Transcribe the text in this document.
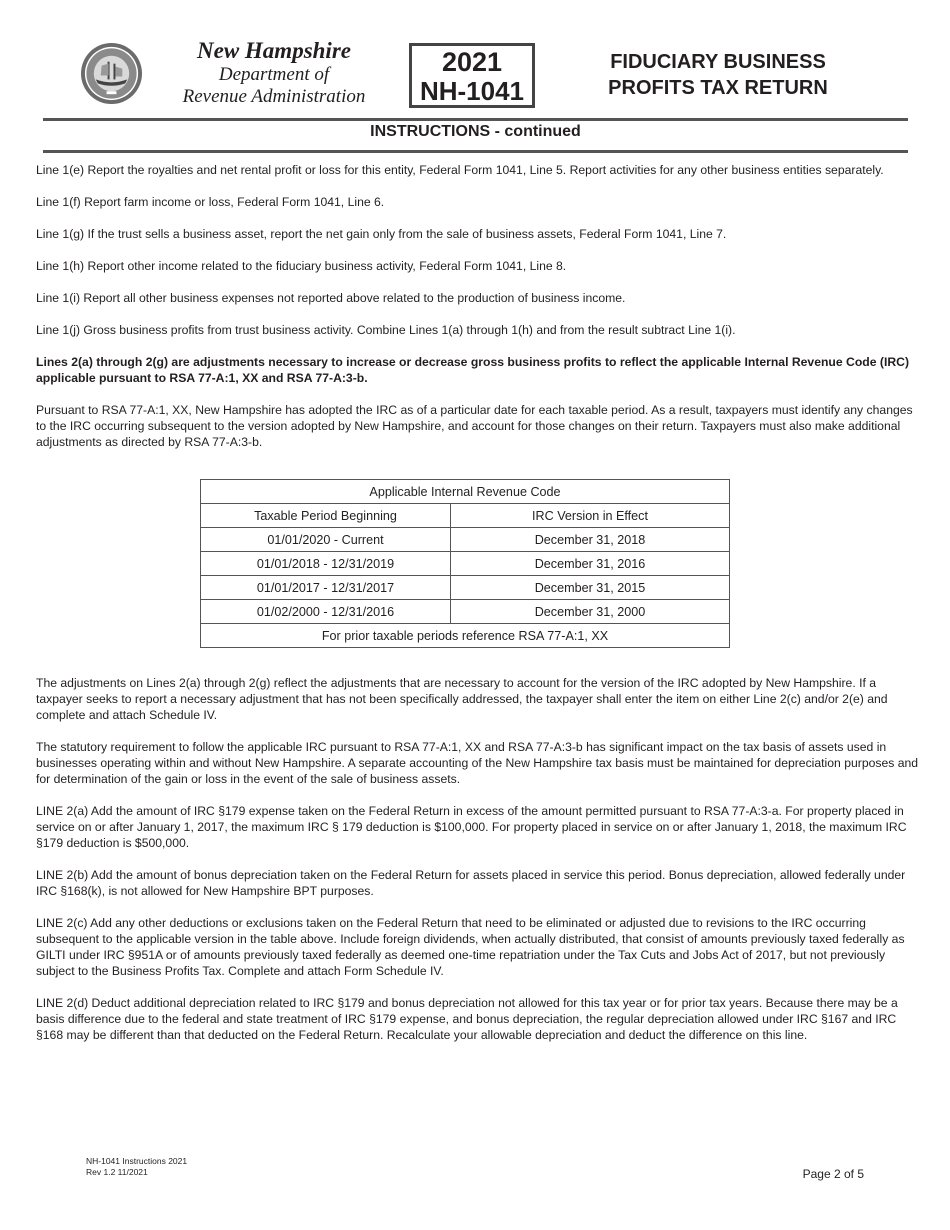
New Hampshire
Department of
Revenue Administration
2021
NH-1041
FIDUCIARY BUSINESS
PROFITS TAX RETURN
INSTRUCTIONS - continued

Line 1(e) Report the royalties and net rental profit or loss for this entity, Federal Form 1041, Line 5. Report activities for any other business entities separately.

Line 1(f) Report farm income or loss, Federal Form 1041, Line 6.

Line 1(g) If the trust sells a business asset, report the net gain only from the sale of business assets, Federal Form 1041, Line 7.

Line 1(h) Report other income related to the fiduciary business activity, Federal Form 1041, Line 8.

Line 1(i) Report all other business expenses not reported above related to the production of business income.

Line 1(j) Gross business profits from trust business activity. Combine Lines 1(a) through 1(h) and from the result subtract Line 1(i).

Lines 2(a) through 2(g) are adjustments necessary to increase or decrease gross business profits to reflect the applicable Internal Revenue Code (IRC) applicable pursuant to RSA 77-A:1, XX and RSA 77-A:3-b.

Pursuant to RSA 77-A:1, XX, New Hampshire has adopted the IRC as of a particular date for each taxable period. As a result, taxpayers must identify any changes to the IRC occurring subsequent to the version adopted by New Hampshire, and account for those changes on their return. Taxpayers must also make additional adjustments as directed by RSA 77-A:3-b.

Applicable Internal Revenue Code	
Taxable Period Beginning	IRC Version in Effect
01/01/2020 - Current	December 31, 2018
01/01/2018 - 12/31/2019	December 31, 2016
01/01/2017 - 12/31/2017	December 31, 2015
01/02/2000 - 12/31/2016	December 31, 2000
For prior taxable periods reference RSA 77-A:1, XX	

The adjustments on Lines 2(a) through 2(g) reflect the adjustments that are necessary to account for the version of the IRC adopted by New Hampshire. If a taxpayer seeks to report a necessary adjustment that has not been specifically addressed, the taxpayer shall enter the item on either Line 2(c) and/or 2(e) and complete and attach Schedule IV.

The statutory requirement to follow the applicable IRC pursuant to RSA 77-A:1, XX and RSA 77-A:3-b has significant impact on the tax basis of assets used in businesses operating within and without New Hampshire. A separate accounting of the New Hampshire tax basis must be maintained for depreciation purposes and for determination of the gain or loss in the event of the sale of business assets.

LINE 2(a) Add the amount of IRC §179 expense taken on the Federal Return in excess of the amount permitted pursuant to RSA 77-A:3-a. For property placed in service on or after January 1, 2017, the maximum IRC § 179 deduction is $100,000. For property placed in service on or after January 1, 2018, the maximum IRC §179 deduction is $500,000.

LINE 2(b) Add the amount of bonus depreciation taken on the Federal Return for assets placed in service this period. Bonus depreciation, allowed federally under IRC §168(k), is not allowed for New Hampshire BPT purposes.

LINE 2(c) Add any other deductions or exclusions taken on the Federal Return that need to be eliminated or adjusted due to revisions to the IRC occurring subsequent to the applicable version in the table above. Include foreign dividends, when actually distributed, that consist of amounts previously taxed federally as GILTI under IRC §951A or of amounts previously taxed federally as deemed one-time repatriation under the Tax Cuts and Jobs Act of 2017, but not previously subject to the Business Profits Tax. Complete and attach Form Schedule IV.

LINE 2(d) Deduct additional depreciation related to IRC §179 and bonus depreciation not allowed for this tax year or for prior tax years. Because there may be a basis difference due to the federal and state treatment of IRC §179 expense, and bonus depreciation, the regular depreciation allowed under IRC §167 and IRC §168 may be different than that deducted on the Federal Return. Recalculate your allowable depreciation and deduct the difference on this line.

NH-1041 Instructions 2021
Rev 1.2 11/2021	Page 2 of 5
